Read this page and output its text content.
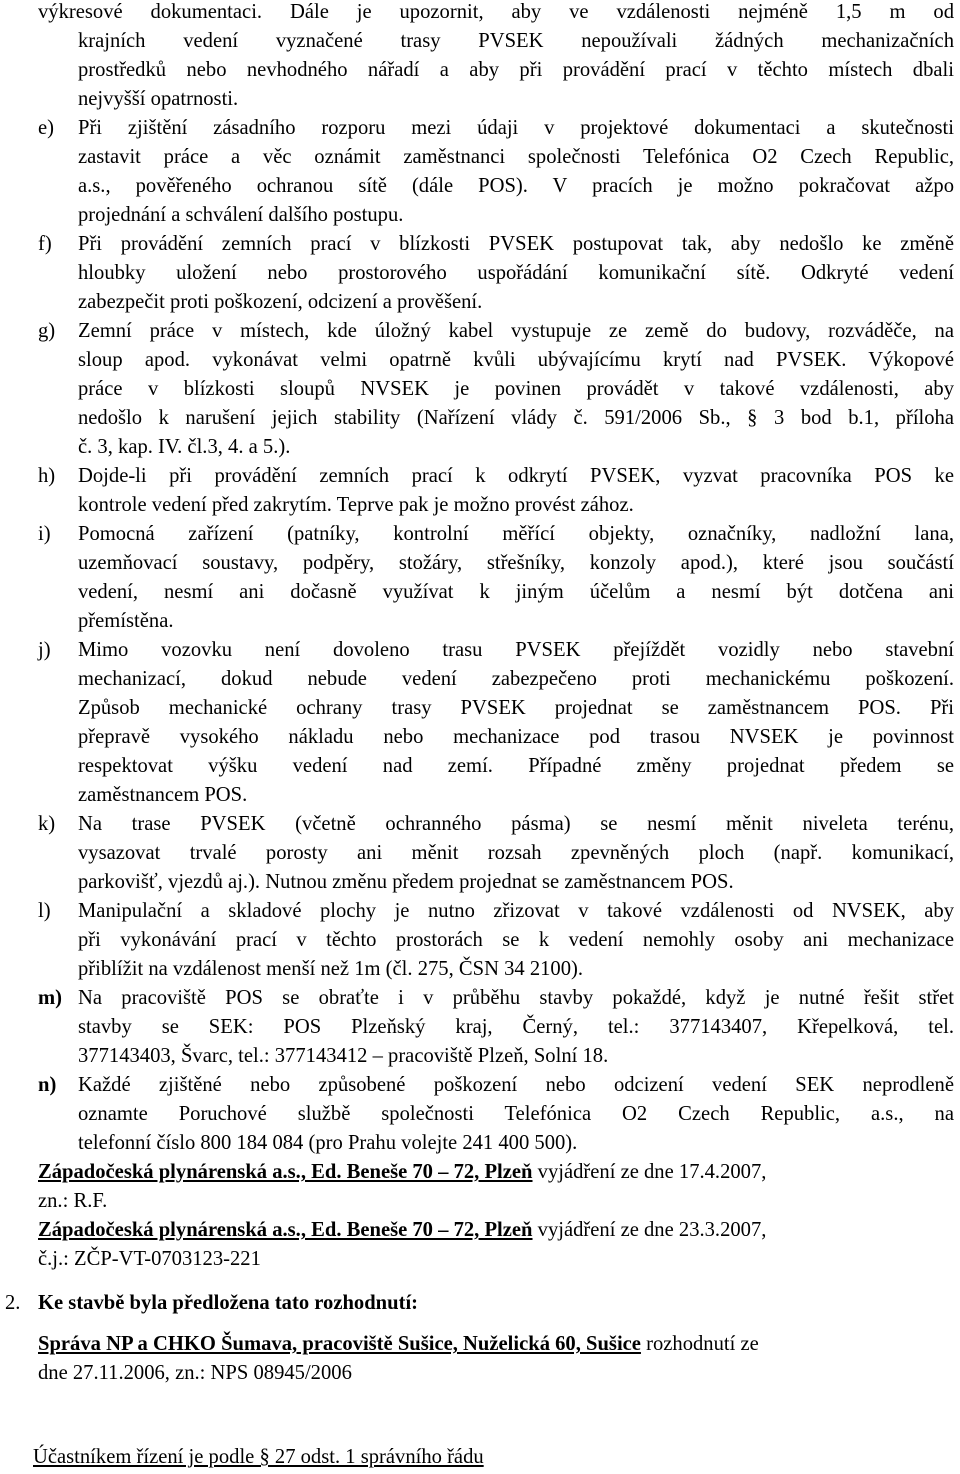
výkresové dokumentaci. Dále je upozornit, aby ve vzdálenosti nejméně 1,5 m od
krajních vedení vyznačené trasy PVSEK nepoužívali žádných mechanizačních
prostředků nebo nevhodného nářadí a aby při provádění prací v těchto místech dbali
nejvyšší opatrnosti.
e) Při zjištění zásadního rozporu mezi údaji v projektové dokumentaci a skutečnosti
zastavit práce a věc oznámit zaměstnanci společnosti Telefónica O2 Czech Republic,
a.s., pověřeného ochranou sítě (dále POS). V pracích je možno pokračovat ažpo
projednání a schválení dalšího postupu.
f) Při provádění zemních prací v blízkosti PVSEK postupovat tak, aby nedošlo ke změně
hloubky uložení nebo prostorového uspořádání komunikační sítě. Odkryté vedení
zabezpečit proti poškození, odcizení a prověšení.
g) Zemní práce v místech, kde úložný kabel vystupuje ze země do budovy, rozváděče, na
sloup apod. vykonávat velmi opatrně kvůli ubývajícímu krytí nad PVSEK. Výkopové
práce v blízkosti sloupů NVSEK je povinen provádět v takové vzdálenosti, aby
nedošlo k narušení jejich stability (Nařízení vlády č. 591/2006 Sb., § 3 bod b.1, příloha
č. 3, kap. IV. čl.3, 4. a 5.).
h) Dojde-li při provádění zemních prací k odkrytí PVSEK, vyzvat pracovníka POS ke
kontrole vedení před zakrytím. Teprve pak je možno provést zához.
i) Pomocná zařízení (patníky, kontrolní měřící objekty, označníky, nadložní lana,
uzemňovací soustavy, podpěry, stožáry, střešníky, konzoly apod.), které jsou součástí
vedení, nesmí ani dočasně využívat k jiným účelům a nesmí být dotčena ani
přemístěna.
j) Mimo vozovku není dovoleno trasu PVSEK přejíždět vozidly nebo stavební
mechanizací, dokud nebude vedení zabezpečeno proti mechanickému poškození.
Způsob mechanické ochrany trasy PVSEK projednat se zaměstnancem POS. Při
přepravě vysokého nákladu nebo mechanizace pod trasou NVSEK je povinnost
respektovat výšku vedení nad zemí. Případné změny projednat předem se
zaměstnancem POS.
k) Na trase PVSEK (včetně ochranného pásma) se nesmí měnit niveleta terénu,
vysazovat trvalé porosty ani měnit rozsah zpevněných ploch (např. komunikací,
parkovišť, vjezdů aj.). Nutnou změnu předem projednat se zaměstnancem POS.
l) Manipulační a skladové plochy je nutno zřizovat v takové vzdálenosti od NVSEK, aby
při vykonávání prací v těchto prostorách se k vedení nemohly osoby ani mechanizace
přiblížit na vzdálenost menší než 1m (čl. 275, ČSN 34 2100).
m) Na pracoviště POS se obraťte i v průběhu stavby pokaždé, když je nutné řešit střet
stavby se SEK: POS Plzeňský kraj, Černý, tel.: 377143407, Křepelková, tel.
377143403, Švarc, tel.: 377143412 – pracoviště Plzeň, Solní 18.
n) Každé zjištěné nebo způsobené poškození nebo odcizení vedení SEK neprodleně
oznamte Poruchové službě společnosti Telefónica O2 Czech Republic, a.s., na
telefonní číslo 800 184 084 (pro Prahu volejte 241 400 500).
Západočeská plynárenská a.s., Ed. Beneše 70 – 72, Plzeň vyjádření ze dne 17.4.2007,
zn.: R.F.
Západočeská plynárenská a.s., Ed. Beneše 70 – 72, Plzeň vyjádření ze dne 23.3.2007,
č.j.: ZČP-VT-0703123-221
2. Ke stavbě byla předložena tato rozhodnutí:
Správa NP a CHKO Šumava, pracoviště Sušice, Nuželická 60, Sušice rozhodnutí ze
dne 27.11.2006, zn.: NPS 08945/2006
Účastníkem řízení je podle § 27 odst. 1 správního řádu
